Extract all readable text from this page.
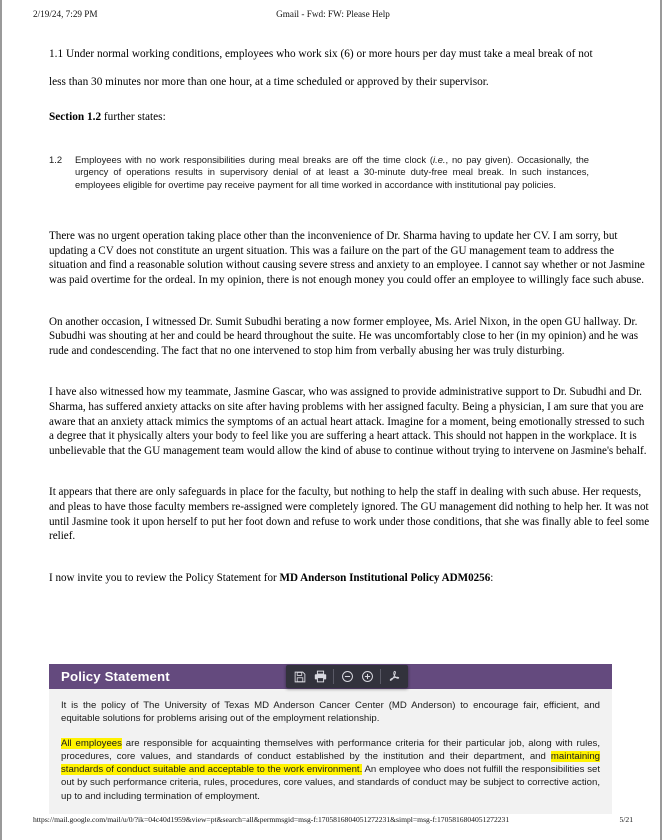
2/19/24, 7:29 PM	Gmail - Fwd: FW: Please Help

1.1 Under normal working conditions, employees who work six (6) or more hours per day must take a meal break of not less than 30 minutes nor more than one hour, at a time scheduled or approved by their supervisor.

Section 1.2 further states:

1.2	Employees with no work responsibilities during meal breaks are off the time clock (i.e., no pay given). Occasionally, the urgency of operations results in supervisory denial of at least a 30-minute duty-free meal break. In such instances, employees eligible for overtime pay receive payment for all time worked in accordance with institutional pay policies.

There was no urgent operation taking place other than the inconvenience of Dr. Sharma having to update her CV. I am sorry, but updating a CV does not constitute an urgent situation. This was a failure on the part of the GU management team to address the situation and find a reasonable solution without causing severe stress and anxiety to an employee. I cannot say whether or not Jasmine was paid overtime for the ordeal. In my opinion, there is not enough money you could offer an employee to willingly face such abuse.

On another occasion, I witnessed Dr. Sumit Subudhi berating a now former employee, Ms. Ariel Nixon, in the open GU hallway. Dr. Subudhi was shouting at her and could be heard throughout the suite. He was uncomfortably close to her (in my opinion) and he was rude and condescending. The fact that no one intervened to stop him from verbally abusing her was truly disturbing.

I have also witnessed how my teammate, Jasmine Gascar, who was assigned to provide administrative support to Dr. Subudhi and Dr. Sharma, has suffered anxiety attacks on site after having problems with her assigned faculty. Being a physician, I am sure that you are aware that an anxiety attack mimics the symptoms of an actual heart attack. Imagine for a moment, being emotionally stressed to such a degree that it physically alters your body to feel like you are suffering a heart attack. This should not happen in the workplace. It is unbelievable that the GU management team would allow the kind of abuse to continue without trying to intervene on Jasmine's behalf.

It appears that there are only safeguards in place for the faculty, but nothing to help the staff in dealing with such abuse. Her requests, and pleas to have those faculty members re-assigned were completely ignored. The GU management did nothing to help her. It was not until Jasmine took it upon herself to put her foot down and refuse to work under those conditions, that she was finally able to feel some relief.

I now invite you to review the Policy Statement for MD Anderson Institutional Policy ADM0256:

Policy Statement

It is the policy of The University of Texas MD Anderson Cancer Center (MD Anderson) to encourage fair, efficient, and equitable solutions for problems arising out of the employment relationship.

All employees are responsible for acquainting themselves with performance criteria for their particular job, along with rules, procedures, core values, and standards of conduct established by the institution and their department, and maintaining standards of conduct suitable and acceptable to the work environment. An employee who does not fulfill the responsibilities set out by such performance criteria, rules, procedures, core values, and standards of conduct may be subject to corrective action, up to and including termination of employment.

https://mail.google.com/mail/u/0/?ik=04c40d1959&view=pt&search=all&permmsgid=msg-f:1705816804051272231&simpl=msg-f:1705816804051272231	5/21
